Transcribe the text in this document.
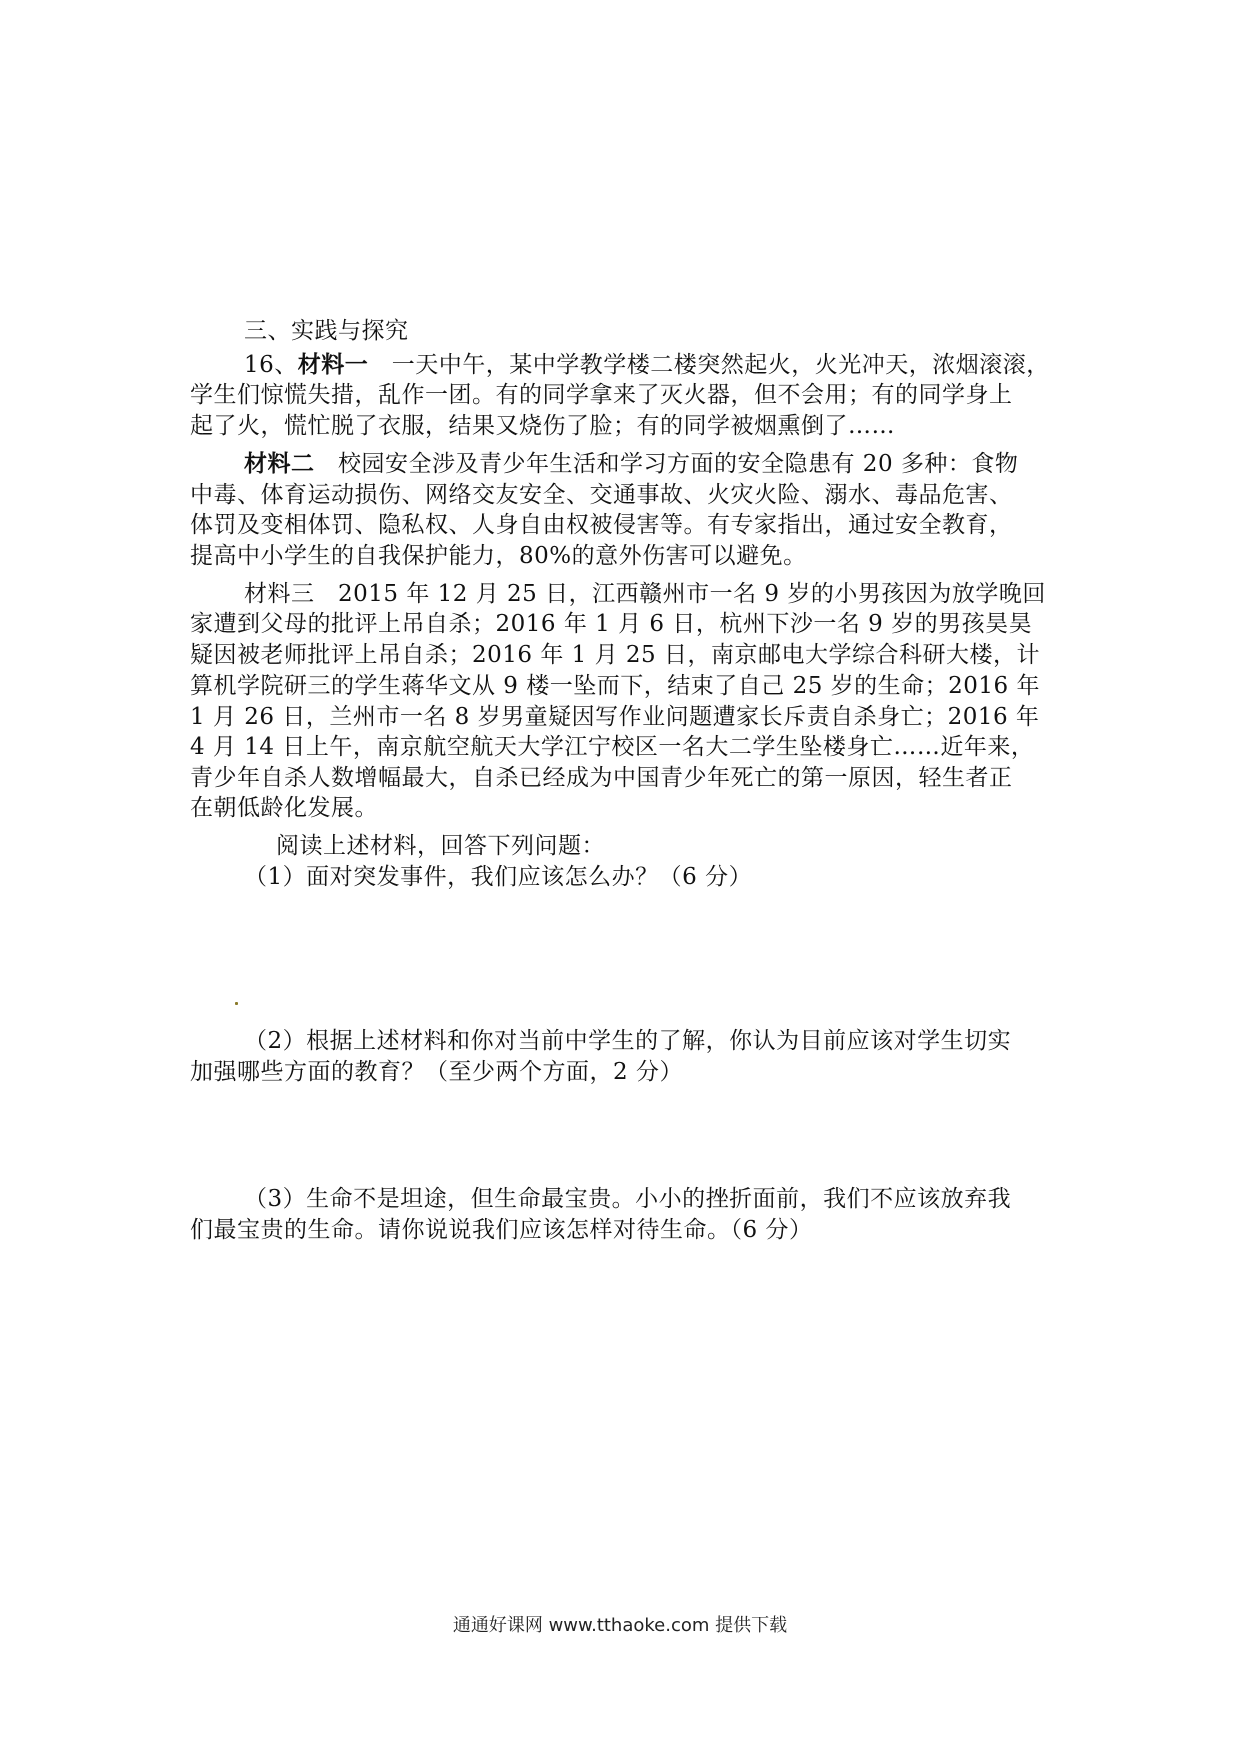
三、实践与探究
16、材料一　一天中午，某中学教学楼二楼突然起火，火光冲天，浓烟滚滚，
学生们惊慌失措，乱作一团。有的同学拿来了灭火器，但不会用；有的同学身上
起了火，慌忙脱了衣服，结果又烧伤了脸；有的同学被烟熏倒了……
材料二　校园安全涉及青少年生活和学习方面的安全隐患有 20 多种：食物
中毒、体育运动损伤、网络交友安全、交通事故、火灾火险、溺水、毒品危害、
体罚及变相体罚、隐私权、人身自由权被侵害等。有专家指出，通过安全教育，
提高中小学生的自我保护能力，80%的意外伤害可以避免。
材料三　2015 年 12 月 25 日，江西赣州市一名 9 岁的小男孩因为放学晚回
家遭到父母的批评上吊自杀；2016 年 1 月 6 日，杭州下沙一名 9 岁的男孩昊昊
疑因被老师批评上吊自杀；2016 年 1 月 25 日，南京邮电大学综合科研大楼，计
算机学院研三的学生蒋华文从 9 楼一坠而下，结束了自己 25 岁的生命；2016 年
1 月 26 日，兰州市一名 8 岁男童疑因写作业问题遭家长斥责自杀身亡；2016 年
4 月 14 日上午，南京航空航天大学江宁校区一名大二学生坠楼身亡……近年来，
青少年自杀人数增幅最大，自杀已经成为中国青少年死亡的第一原因，轻生者正
在朝低龄化发展。
阅读上述材料，回答下列问题：
（1）面对突发事件，我们应该怎么办？（6 分）
（2）根据上述材料和你对当前中学生的了解，你认为目前应该对学生切实
加强哪些方面的教育？（至少两个方面，2 分）
（3）生命不是坦途，但生命最宝贵。小小的挫折面前，我们不应该放弃我
们最宝贵的生命。请你说说我们应该怎样对待生命。（6 分）
通通好课网 www.tthaoke.com 提供下载
